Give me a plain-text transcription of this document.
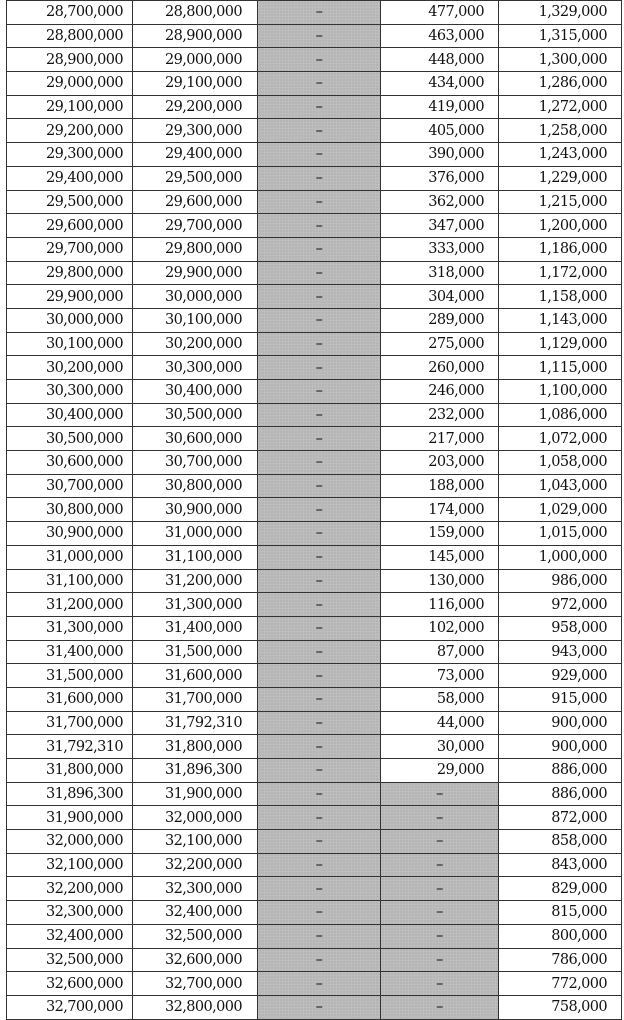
28,700,000	28,800,000	–	477,000	1,329,000
28,800,000	28,900,000	–	463,000	1,315,000
28,900,000	29,000,000	–	448,000	1,300,000
29,000,000	29,100,000	–	434,000	1,286,000
29,100,000	29,200,000	–	419,000	1,272,000
29,200,000	29,300,000	–	405,000	1,258,000
29,300,000	29,400,000	–	390,000	1,243,000
29,400,000	29,500,000	–	376,000	1,229,000
29,500,000	29,600,000	–	362,000	1,215,000
29,600,000	29,700,000	–	347,000	1,200,000
29,700,000	29,800,000	–	333,000	1,186,000
29,800,000	29,900,000	–	318,000	1,172,000
29,900,000	30,000,000	–	304,000	1,158,000
30,000,000	30,100,000	–	289,000	1,143,000
30,100,000	30,200,000	–	275,000	1,129,000
30,200,000	30,300,000	–	260,000	1,115,000
30,300,000	30,400,000	–	246,000	1,100,000
30,400,000	30,500,000	–	232,000	1,086,000
30,500,000	30,600,000	–	217,000	1,072,000
30,600,000	30,700,000	–	203,000	1,058,000
30,700,000	30,800,000	–	188,000	1,043,000
30,800,000	30,900,000	–	174,000	1,029,000
30,900,000	31,000,000	–	159,000	1,015,000
31,000,000	31,100,000	–	145,000	1,000,000
31,100,000	31,200,000	–	130,000	986,000
31,200,000	31,300,000	–	116,000	972,000
31,300,000	31,400,000	–	102,000	958,000
31,400,000	31,500,000	–	87,000	943,000
31,500,000	31,600,000	–	73,000	929,000
31,600,000	31,700,000	–	58,000	915,000
31,700,000	31,792,310	–	44,000	900,000
31,792,310	31,800,000	–	30,000	900,000
31,800,000	31,896,300	–	29,000	886,000
31,896,300	31,900,000	–	–	886,000
31,900,000	32,000,000	–	–	872,000
32,000,000	32,100,000	–	–	858,000
32,100,000	32,200,000	–	–	843,000
32,200,000	32,300,000	–	–	829,000
32,300,000	32,400,000	–	–	815,000
32,400,000	32,500,000	–	–	800,000
32,500,000	32,600,000	–	–	786,000
32,600,000	32,700,000	–	–	772,000
32,700,000	32,800,000	–	–	758,000
